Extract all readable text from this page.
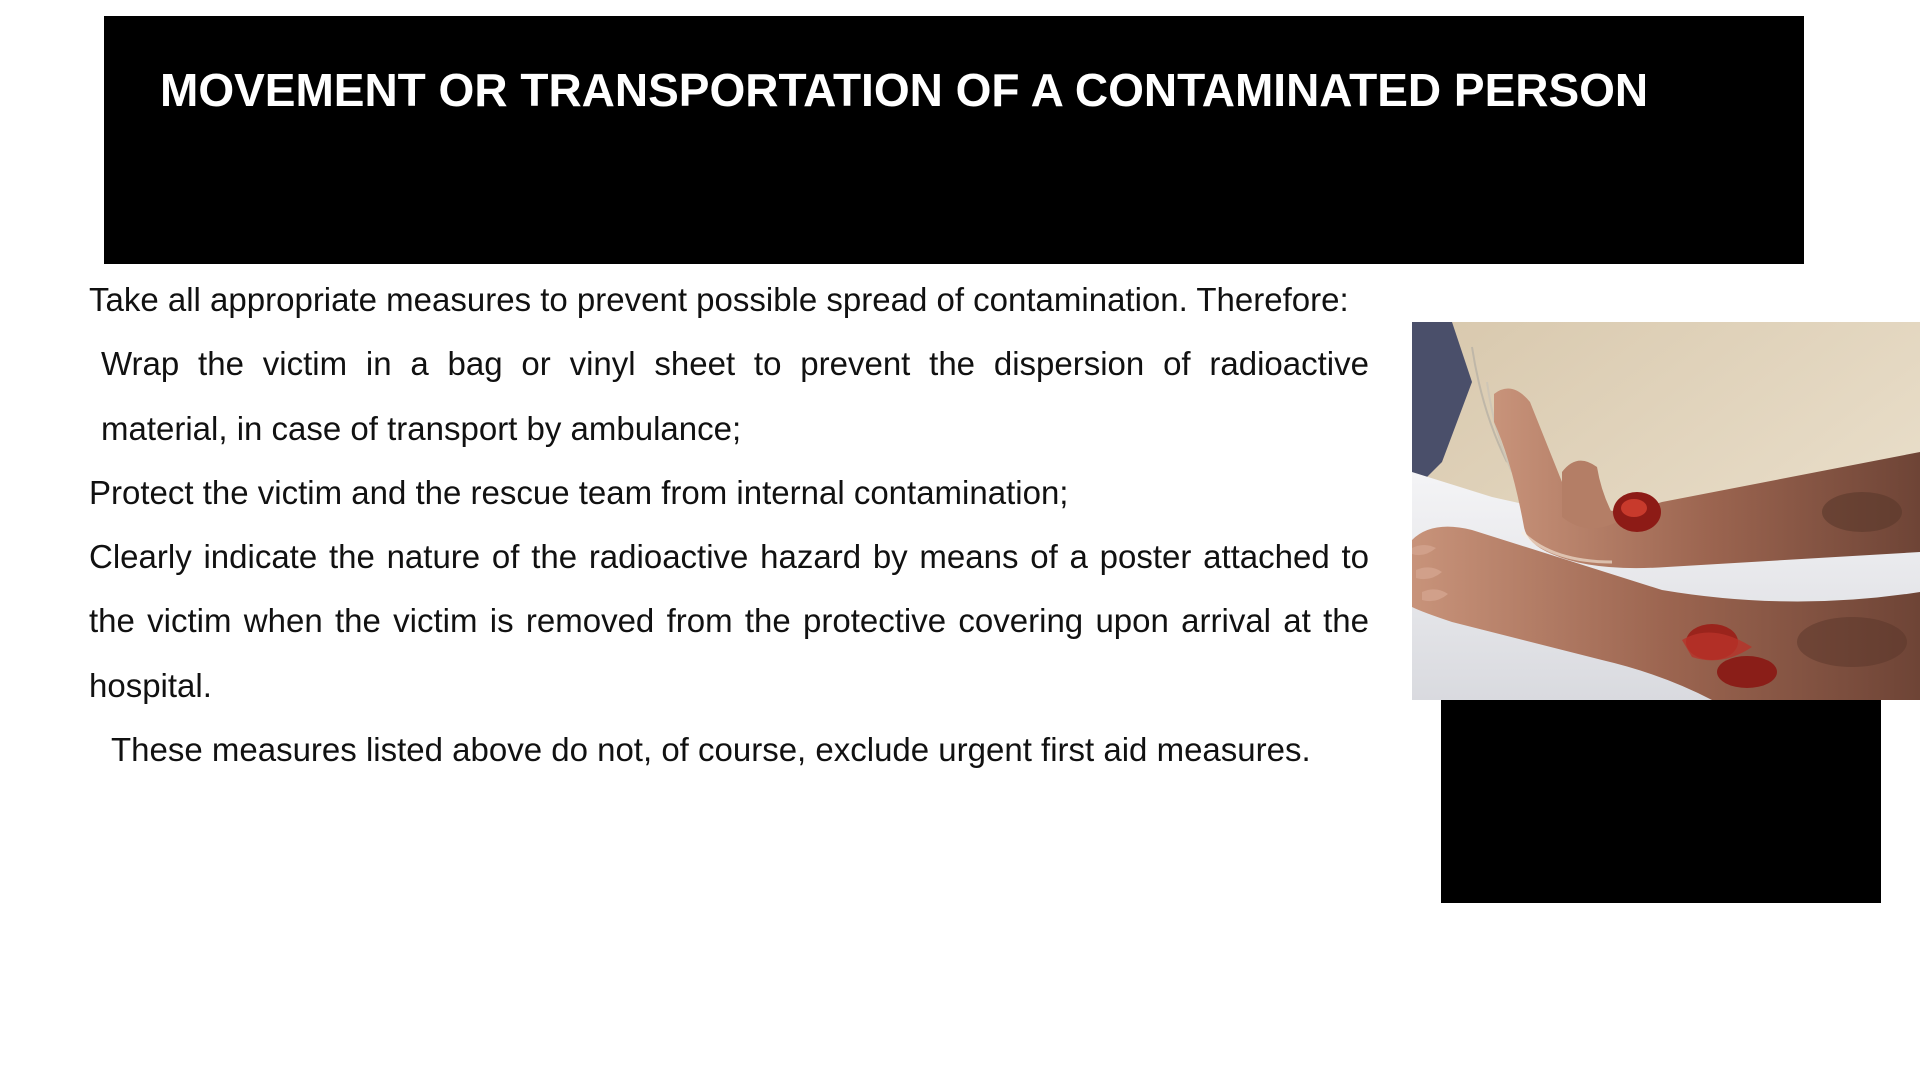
MOVEMENT OR TRANSPORTATION OF A CONTAMINATED PERSON

Take all appropriate measures to prevent possible spread of contamination. Therefore:

Wrap the victim in a bag or vinyl sheet to prevent the dispersion of radioactive material, in case of transport by ambulance;

Protect the victim and the rescue team from internal contamination;

Clearly indicate the nature of the radioactive hazard by means of a poster attached to the victim when the victim is removed from the protective covering upon arrival at the hospital.

These measures listed above do not, of course, exclude urgent first aid measures.
